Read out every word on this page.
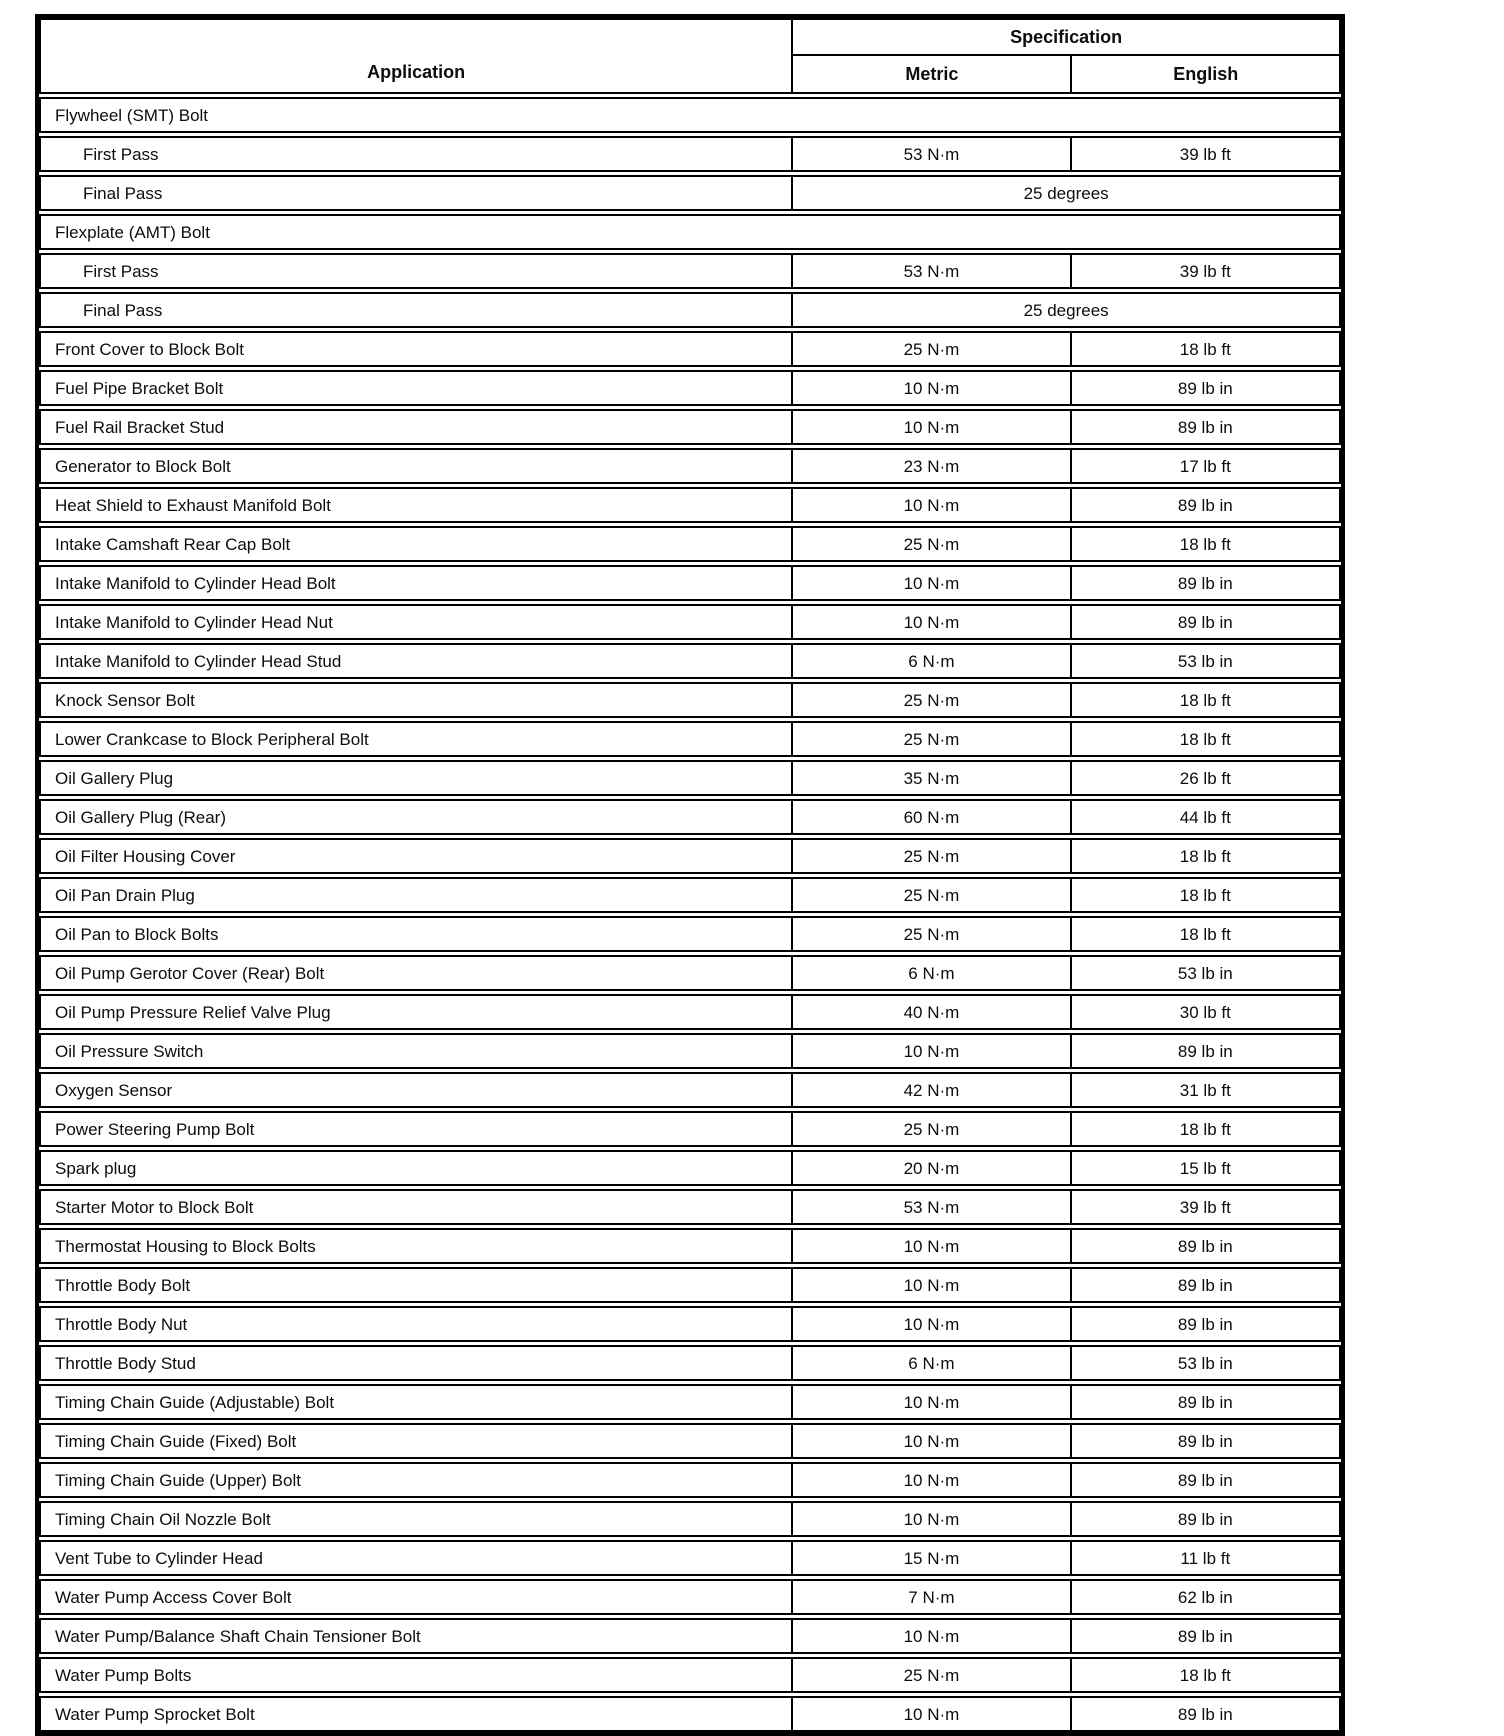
Application
Specification
Metric	English
Flywheel (SMT) Bolt
First Pass	53 N·m	39 lb ft
Final Pass	25 degrees
Flexplate (AMT) Bolt
First Pass	53 N·m	39 lb ft
Final Pass	25 degrees
Front Cover to Block Bolt	25 N·m	18 lb ft
Fuel Pipe Bracket Bolt	10 N·m	89 lb in
Fuel Rail Bracket Stud	10 N·m	89 lb in
Generator to Block Bolt	23 N·m	17 lb ft
Heat Shield to Exhaust Manifold Bolt	10 N·m	89 lb in
Intake Camshaft Rear Cap Bolt	25 N·m	18 lb ft
Intake Manifold to Cylinder Head Bolt	10 N·m	89 lb in
Intake Manifold to Cylinder Head Nut	10 N·m	89 lb in
Intake Manifold to Cylinder Head Stud	6 N·m	53 lb in
Knock Sensor Bolt	25 N·m	18 lb ft
Lower Crankcase to Block Peripheral Bolt	25 N·m	18 lb ft
Oil Gallery Plug	35 N·m	26 lb ft
Oil Gallery Plug (Rear)	60 N·m	44 lb ft
Oil Filter Housing Cover	25 N·m	18 lb ft
Oil Pan Drain Plug	25 N·m	18 lb ft
Oil Pan to Block Bolts	25 N·m	18 lb ft
Oil Pump Gerotor Cover (Rear) Bolt	6 N·m	53 lb in
Oil Pump Pressure Relief Valve Plug	40 N·m	30 lb ft
Oil Pressure Switch	10 N·m	89 lb in
Oxygen Sensor	42 N·m	31 lb ft
Power Steering Pump Bolt	25 N·m	18 lb ft
Spark plug	20 N·m	15 lb ft
Starter Motor to Block Bolt	53 N·m	39 lb ft
Thermostat Housing to Block Bolts	10 N·m	89 lb in
Throttle Body Bolt	10 N·m	89 lb in
Throttle Body Nut	10 N·m	89 lb in
Throttle Body Stud	6 N·m	53 lb in
Timing Chain Guide (Adjustable) Bolt	10 N·m	89 lb in
Timing Chain Guide (Fixed) Bolt	10 N·m	89 lb in
Timing Chain Guide (Upper) Bolt	10 N·m	89 lb in
Timing Chain Oil Nozzle Bolt	10 N·m	89 lb in
Vent Tube to Cylinder Head	15 N·m	11 lb ft
Water Pump Access Cover Bolt	7 N·m	62 lb in
Water Pump/Balance Shaft Chain Tensioner Bolt	10 N·m	89 lb in
Water Pump Bolts	25 N·m	18 lb ft
Water Pump Sprocket Bolt	10 N·m	89 lb in
